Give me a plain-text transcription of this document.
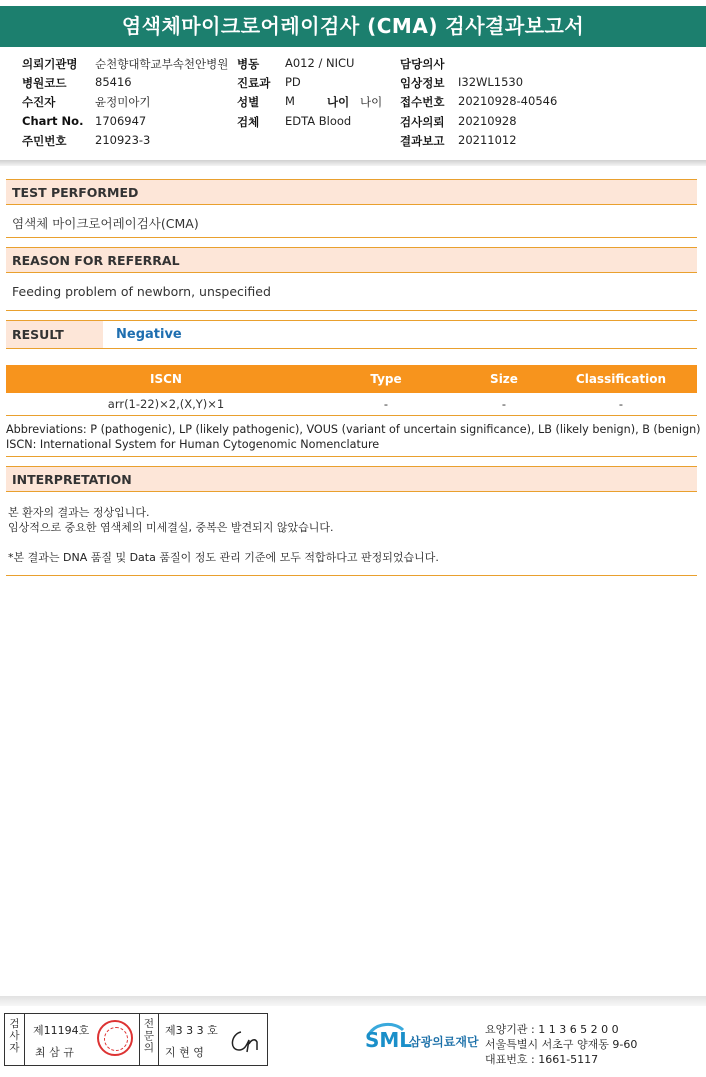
염색체마이크로어레이검사 (CMA) 검사결과보고서
의뢰기관명 순천향대학교부속천안병원
병원코드 85416
수진자	윤정미아기
Chart No. 1706947
주민번호 210923-3
병동 A012 / NICU
진료과 PD
성별 M	나이 나이
검체 EDTA Blood
담당의사
임상정보 I32WL1530
접수번호 20210928-40546
검사의뢰 20210928
결과보고 20211012
TEST PERFORMED
염색체 마이크로어레이검사(CMA)
REASON FOR REFERRAL
Feeding problem of newborn, unspecified
RESULT	Negative
ISCN	Type	Size	Classification
arr(1-22)×2,(X,Y)×1	-	-	-
Abbreviations: P (pathogenic), LP (likely pathogenic), VOUS (variant of uncertain significance), LB (likely benign), B (benign)
ISCN: International System for Human Cytogenomic Nomenclature
INTERPRETATION
본 환자의 결과는 정상입니다.
임상적으로 중요한 염색체의 미세결실, 중복은 발견되지 않았습니다.
*본 결과는 DNA 품질 및 Data 품질이 정도 관리 기준에 모두 적합하다고 판정되었습니다.
검사자
제11194호
최 삼 규
전문의
제3 3 3 호
지 현 영
SML
삼광의료재단
요양기관 : 1 1 3 6 5 2 0 0
서울특별시 서초구 양재동 9-60
대표번호 : 1661-5117
